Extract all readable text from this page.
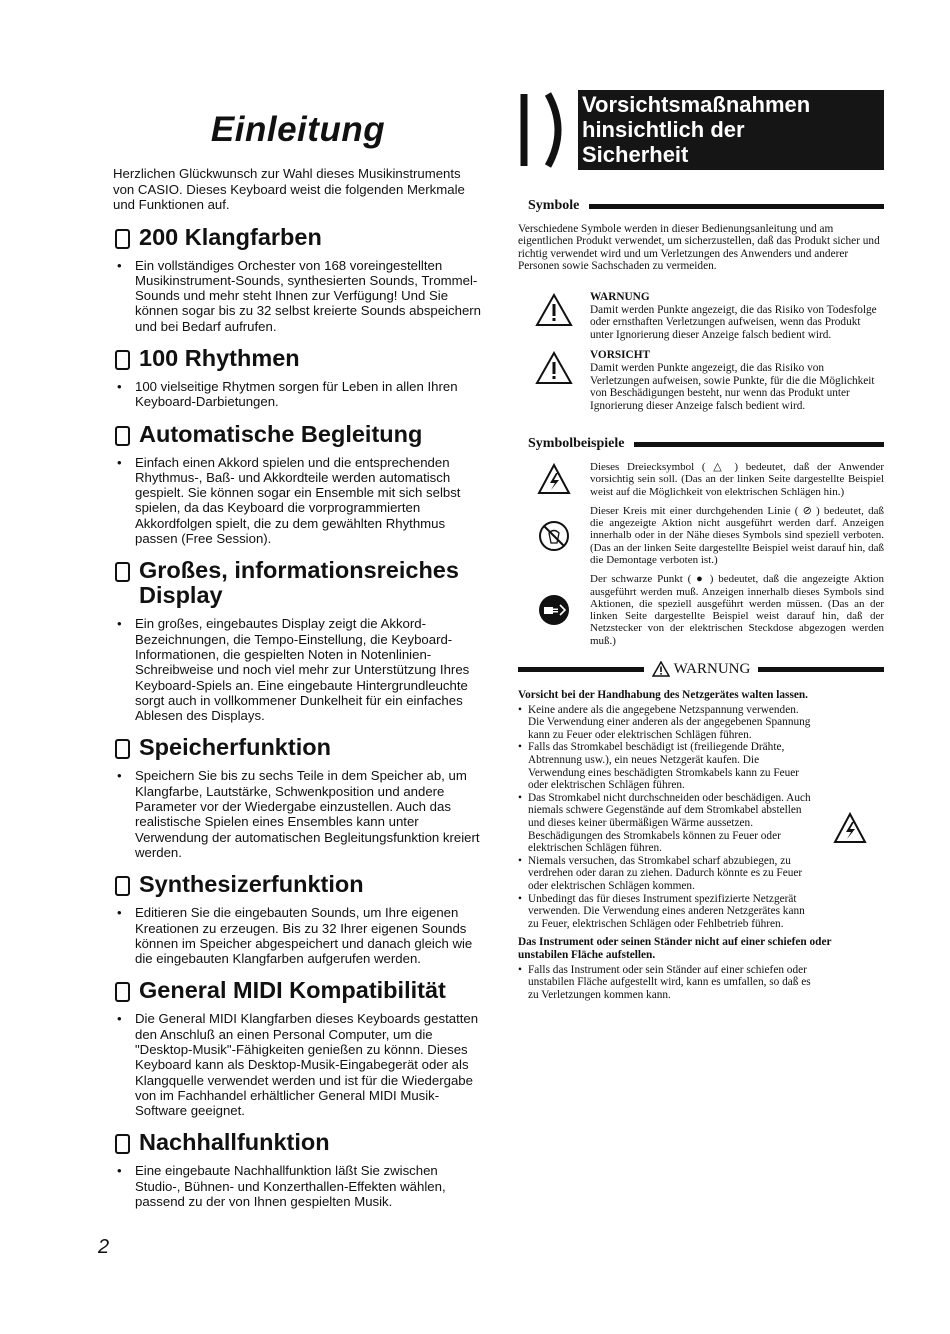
Einleitung

Herzlichen Glückwunsch zur Wahl dieses Musikinstruments von CASIO. Dieses Keyboard weist die folgenden Merkmale und Funktionen auf.

200 Klangfarben
•	Ein vollständiges Orchester von 168 voreingestellten Musikinstrument-Sounds, synthesierten Sounds, Trommel-Sounds und mehr steht Ihnen zur Verfügung! Und Sie können sogar bis zu 32 selbst kreierte Sounds abspeichern und bei Bedarf aufrufen.

100 Rhythmen
•	100 vielseitige Rhytmen sorgen für Leben in allen Ihren Keyboard-Darbietungen.

Automatische Begleitung
•	Einfach einen Akkord spielen und die entsprechenden Rhythmus-, Baß- und Akkordteile werden automatisch gespielt. Sie können sogar ein Ensemble mit sich selbst spielen, da das Keyboard die vorprogrammierten Akkordfolgen spielt, die zu dem gewählten Rhythmus passen (Free Session).

Großes, informationsreiches Display
•	Ein großes, eingebautes Display zeigt die Akkord-Bezeichnungen, die Tempo-Einstellung, die Keyboard-Informationen, die gespielten Noten in Notenlinien-Schreibweise und noch viel mehr zur Unterstützung Ihres Keyboard-Spiels an. Eine eingebaute Hintergrundleuchte sorgt auch in vollkommener Dunkelheit für ein einfaches Ablesen des Displays.

Speicherfunktion
•	Speichern Sie bis zu sechs Teile in dem Speicher ab, um Klangfarbe, Lautstärke, Schwenkposition und andere Parameter vor der Wiedergabe einzustellen. Auch das realistische Spielen eines Ensembles kann unter Verwendung der automatischen Begleitungsfunktion kreiert werden.

Synthesizerfunktion
•	Editieren Sie die eingebauten Sounds, um Ihre eigenen Kreationen zu erzeugen. Bis zu 32 Ihrer eigenen Sounds können im Speicher abgespeichert und danach gleich wie die eingebauten Klangfarben aufgerufen werden.

General MIDI Kompatibilität
•	Die General MIDI Klangfarben dieses Keyboards gestatten den Anschluß an einen Personal Computer, um die "Desktop-Musik"-Fähigkeiten genießen zu könnn. Dieses Keyboard kann als Desktop-Musik-Eingabegerät oder als Klangquelle verwendet werden und ist für die Wiedergabe von im Fachhandel erhältlicher General MIDI Musik-Software geeignet.

Nachhallfunktion
•	Eine eingebaute Nachhallfunktion läßt Sie zwischen Studio-, Bühnen- und Konzerthallen-Effekten wählen, passend zu der von Ihnen gespielten Musik.

2
Vorsichtsmaßnahmen
hinsichtlich der
Sicherheit
Symbole

Verschiedene Symbole werden in dieser Bedienungsanleitung und am eigentlichen Produkt verwendet, um sicherzustellen, daß das Produkt sicher und richtig verwendet wird und um Verletzungen des Anwenders und anderer Personen sowie Sachschaden zu vermeiden.

WARNUNG
Damit werden Punkte angezeigt, die das Risiko von Todesfolge oder ernsthaften Verletzungen aufweisen, wenn das Produkt unter Ignorierung dieser Anzeige falsch bedient wird.
VORSICHT
Damit werden Punkte angezeigt, die das Risiko von Verletzungen aufweisen, sowie Punkte, für die die Möglichkeit von Beschädigungen besteht, nur wenn das Produkt unter Ignorierung dieser Anzeige falsch bedient wird.
Symbolbeispiele
Dieses Dreiecksymbol ( △ ) bedeutet, daß der Anwender vorsichtig sein soll. (Das an der linken Seite dargestellte Beispiel weist auf die Möglichkeit von elektrischen Schlägen hin.)
Dieser Kreis mit einer durchgehenden Linie ( ⊘ ) bedeutet, daß die angezeigte Aktion nicht ausgeführt werden darf. Anzeigen innerhalb oder in der Nähe dieses Symbols sind speziell verboten. (Das an der linken Seite dargestellte Beispiel weist darauf hin, daß die Demontage verboten ist.)
Der schwarze Punkt ( ● ) bedeutet, daß die angezeigte Aktion ausgeführt werden muß. Anzeigen innerhalb dieses Symbols sind Aktionen, die speziell ausgeführt werden müssen. (Das an der linken Seite dargestellte Beispiel weist darauf hin, daß der Netzstecker von der elektrischen Steckdose abgezogen werden muß.)
WARNUNG
Vorsicht bei der Handhabung des Netzgerätes walten lassen.
• Keine andere als die angegebene Netzspannung verwenden. Die Verwendung einer anderen als der angegebenen Spannung kann zu Feuer oder elektrischen Schlägen führen.

• Falls das Stromkabel beschädigt ist (freiliegende Drähte, Abtrennung usw.), ein neues Netzgerät kaufen. Die Verwendung eines beschädigten Stromkabels kann zu Feuer oder elektrischen Schlägen führen.

• Das Stromkabel nicht durchschneiden oder beschädigen. Auch niemals schwere Gegenstände auf dem Stromkabel abstellen und dieses keiner übermäßigen Wärme aussetzen. Beschädigungen des Stromkabels können zu Feuer oder elektrischen Schlägen führen.

• Niemals versuchen, das Stromkabel scharf abzubiegen, zu verdrehen oder daran zu ziehen. Dadurch könnte es zu Feuer oder elektrischen Schlägen kommen.

• Unbedingt das für dieses Instrument spezifizierte Netzgerät verwenden. Die Verwendung eines anderen Netzgerätes kann zu Feuer, elektrischen Schlägen oder Fehlbetrieb führen.

Das Instrument oder seinen Ständer nicht auf einer schiefen oder unstabilen Fläche aufstellen.
• Falls das Instrument oder sein Ständer auf einer schiefen oder unstabilen Fläche aufgestellt wird, kann es umfallen, so daß es zu Verletzungen kommen kann.
